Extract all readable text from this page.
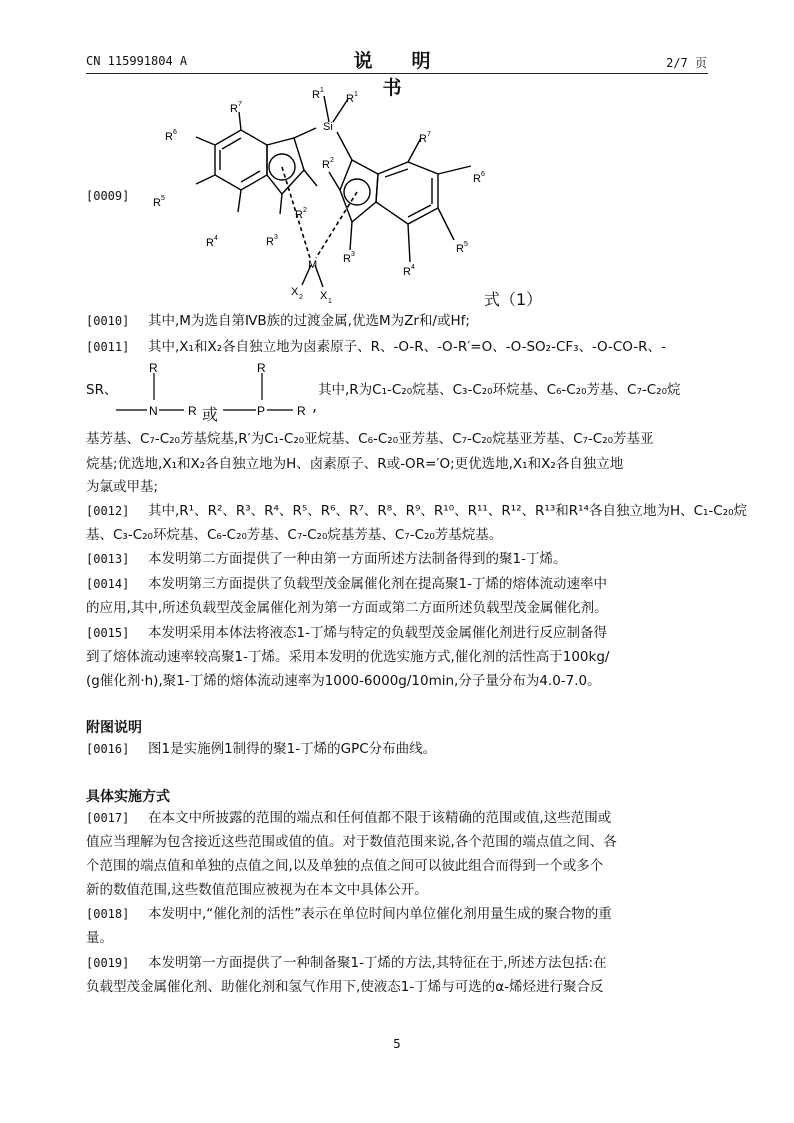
CN 115991804 A	说　明　书
2/7 页
[0009]
Si
M
X 2 X 1
R 1
R 1
R 7
R 6
R 5
R 4	R 3
R 2
R 2
R 3
R 4
R 5
R 6
R 7
式（1）
[0010] 其中,M为选自第ⅣB族的过渡金属,优选M为Zr和/或Hf;
[0011] 其中,X₁和X₂各自独立地为卤素原子、R、-O-R、-O-R′=O、-O-SO₂-CF₃、-O-CO-R、-
SR、
R
N	R
R
P	R
或	,
其中,R为C₁-C₂₀烷基、C₃-C₂₀环烷基、C₆-C₂₀芳基、C₇-C₂₀烷
基芳基、C₇-C₂₀芳基烷基,R′为C₁-C₂₀亚烷基、C₆-C₂₀亚芳基、C₇-C₂₀烷基亚芳基、C₇-C₂₀芳基亚
烷基;优选地,X₁和X₂各自独立地为H、卤素原子、R或-OR=′O;更优选地,X₁和X₂各自独立地
为氯或甲基;
[0012] 其中,R¹、R²、R³、R⁴、R⁵、R⁶、R⁷、R⁸、R⁹、R¹⁰、R¹¹、R¹²、R¹³和R¹⁴各自独立地为H、C₁-C₂₀烷
基、C₃-C₂₀环烷基、C₆-C₂₀芳基、C₇-C₂₀烷基芳基、C₇-C₂₀芳基烷基。
[0013] 本发明第二方面提供了一种由第一方面所述方法制备得到的聚1-丁烯。
[0014] 本发明第三方面提供了负载型茂金属催化剂在提高聚1-丁烯的熔体流动速率中
的应用,其中,所述负载型茂金属催化剂为第一方面或第二方面所述负载型茂金属催化剂。
[0015] 本发明采用本体法将液态1-丁烯与特定的负载型茂金属催化剂进行反应制备得
到了熔体流动速率较高聚1-丁烯。采用本发明的优选实施方式,催化剂的活性高于100kg/
(g催化剂·h),聚1-丁烯的熔体流动速率为1000-6000g/10min,分子量分布为4.0-7.0。
附图说明
[0016] 图1是实施例1制得的聚1-丁烯的GPC分布曲线。
具体实施方式
[0017] 在本文中所披露的范围的端点和任何值都不限于该精确的范围或值,这些范围或
值应当理解为包含接近这些范围或值的值。对于数值范围来说,各个范围的端点值之间、各
个范围的端点值和单独的点值之间,以及单独的点值之间可以彼此组合而得到一个或多个
新的数值范围,这些数值范围应被视为在本文中具体公开。
[0018] 本发明中,“催化剂的活性”表示在单位时间内单位催化剂用量生成的聚合物的重
量。
[0019] 本发明第一方面提供了一种制备聚1-丁烯的方法,其特征在于,所述方法包括:在
负载型茂金属催化剂、助催化剂和氢气作用下,使液态1-丁烯与可选的α-烯烃进行聚合反
5
